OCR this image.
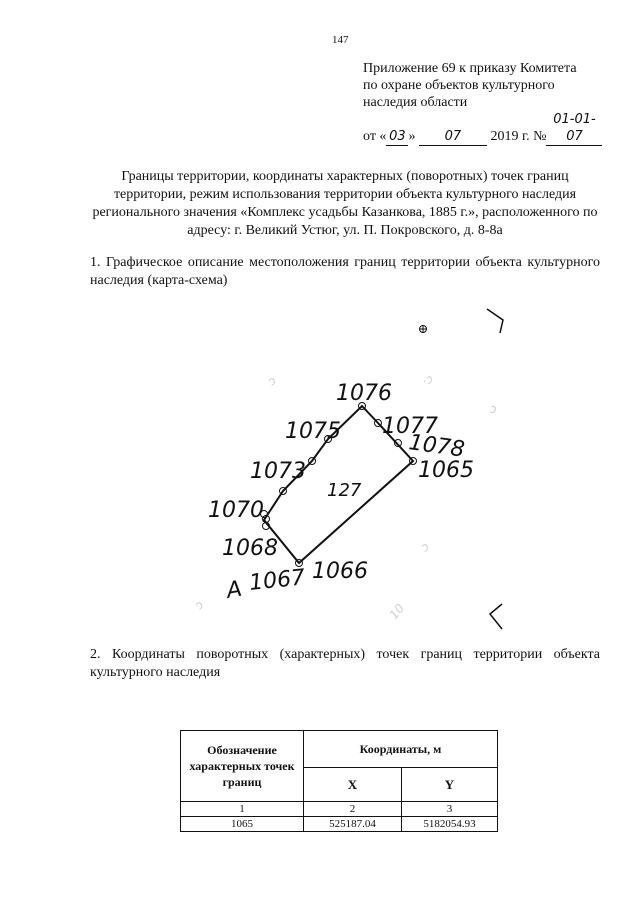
147
Приложение 69 к приказу Комитета
по охране объектов культурного
наследия области
от « 03 » 07 2019 г. №01-01-07
Границы территории, координаты характерных (поворотных) точек границ территории, режим использования территории объекта культурного наследия регионального значения «Комплекс усадьбы Казанкова, 1885 г.», расположенного по адресу: г. Великий Устюг, ул. П. Покровского, д. 8-8а
1. Графическое описание местоположения границ территории объекта культурного наследия (карта-схема)
ɔ	·ɔ
ɔ
ɔ
ɔ	10
1076
1075 1077
1078
1073	1065
1070
1068
1067 1066
127
A
2. Координаты поворотных (характерных) точек границ территории объекта культурного наследия
Обозначение характерных точек границ	Координаты, м	
	X	Y
1	2	3
1065	525187.04	5182054.93
